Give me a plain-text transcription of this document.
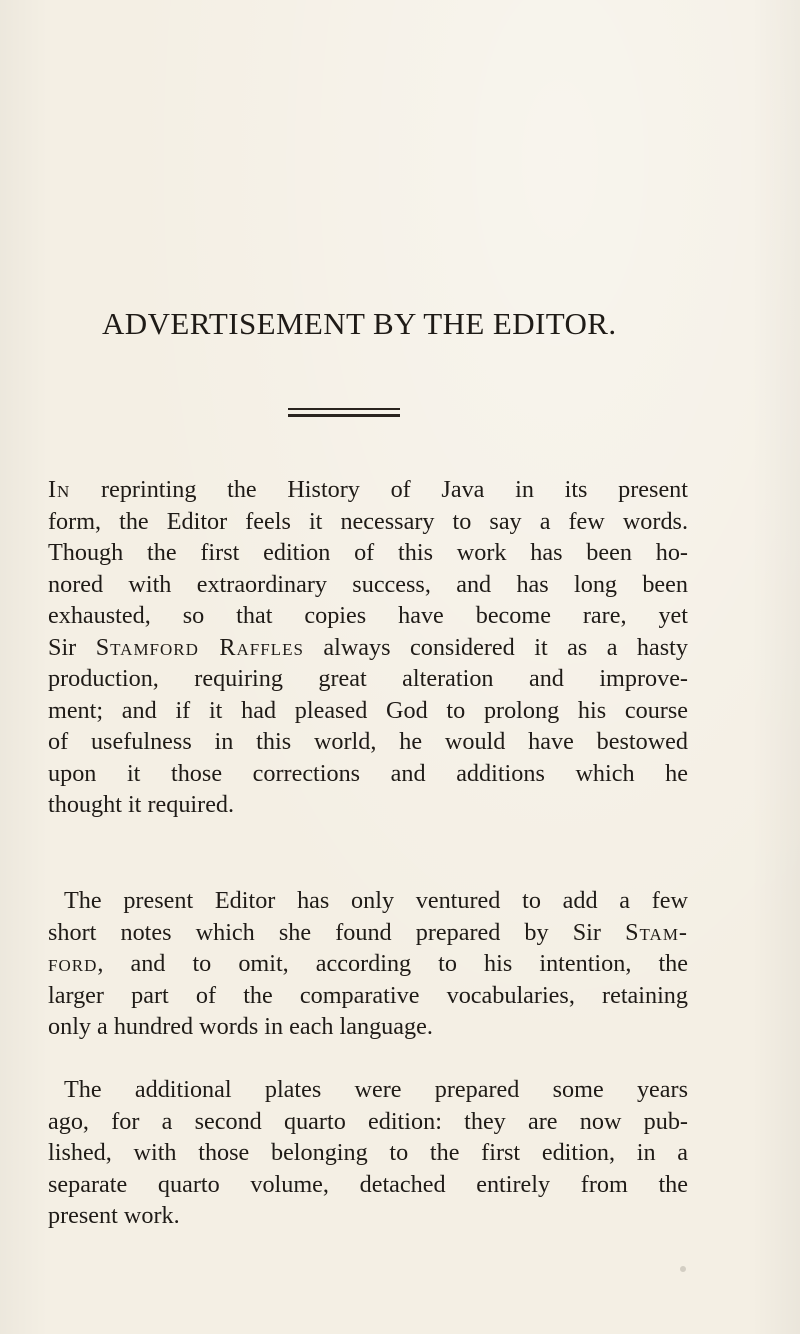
ADVERTISEMENT BY THE EDITOR.
In reprinting the History of Java in its present
form, the Editor feels it necessary to say a few words.
Though the first edition of this work has been ho-
nored with extraordinary success, and has long been
exhausted, so that copies have become rare, yet
Sir Stamford Raffles always considered it as a hasty
production, requiring great alteration and improve-
ment; and if it had pleased God to prolong his course
of usefulness in this world, he would have bestowed
upon it those corrections and additions which he
thought it required.
The present Editor has only ventured to add a few
short notes which she found prepared by Sir Stam-
ford, and to omit, according to his intention, the
larger part of the comparative vocabularies, retaining
only a hundred words in each language.
The additional plates were prepared some years
ago, for a second quarto edition: they are now pub-
lished, with those belonging to the first edition, in a
separate quarto volume, detached entirely from the
present work.
